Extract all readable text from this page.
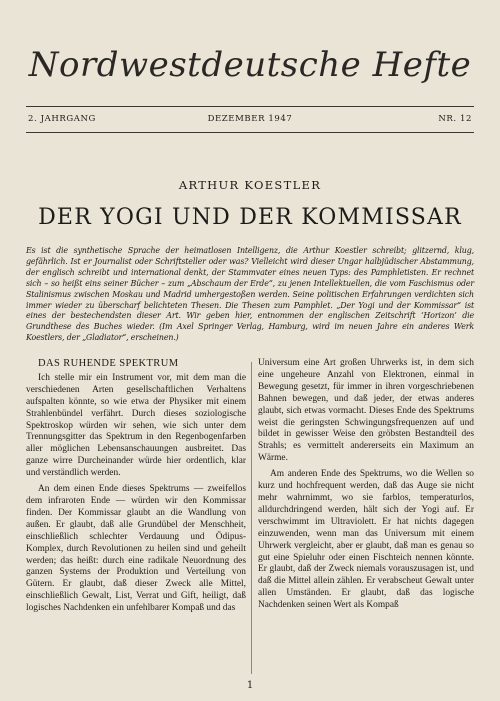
Nordwestdeutsche Hefte
2. JAHRGANG	DEZEMBER 1947	NR. 12
ARTHUR KOESTLER
DER YOGI UND DER KOMMISSAR
Es ist die synthetische Sprache der heimatlosen Intelligenz, die Arthur Koestler schreibt; glitzernd, klug, gefährlich. Ist er Journalist oder Schriftsteller oder was? Vielleicht wird dieser Ungar halbjüdischer Abstammung, der englisch schreibt und international denkt, der Stammvater eines neuen Typs: des Pamphletisten. Er rechnet sich – so heißt eins seiner Bücher – zum „Abschaum der Erde“, zu jenen Intellektuellen, die vom Faschismus oder Stalinismus zwischen Moskau und Madrid umhergestoßen werden. Seine politischen Erfahrungen verdichten sich immer wieder zu überscharf belichteten Thesen. Die Thesen zum Pamphlet. „Der Yogi und der Kommissar“ ist eines der bestechendsten dieser Art. Wir geben hier, entnommen der englischen Zeitschrift ‘Horizon’ die Grundthese des Buches wieder. (Im Axel Springer Verlag, Hamburg, wird im neuen Jahre ein anderes Werk Koestlers, der „Gladiator“, erscheinen.)
DAS RUHENDE SPEKTRUM

Ich stelle mir ein Instrument vor, mit dem man die verschiedenen Arten gesellschaftlichen Verhaltens aufspalten könnte, so wie etwa der Physiker mit einem Strahlenbündel verfährt. Durch dieses soziologische Spektroskop würden wir sehen, wie sich unter dem Trennungsgitter das Spektrum in den Regenbogenfarben aller möglichen Lebensanschauungen ausbreitet. Das ganze wirre Durcheinander würde hier ordentlich, klar und verständlich werden.

An dem einen Ende dieses Spektrums — zweifellos dem infraroten Ende — würden wir den Kommissar finden. Der Kommissar glaubt an die Wandlung von außen. Er glaubt, daß alle Grundübel der Menschheit, einschließlich schlechter Verdauung und Ödipus-Komplex, durch Revolutionen zu heilen sind und geheilt werden; das heißt: durch eine radikale Neuordnung des ganzen Systems der Produktion und Verteilung von Gütern. Er glaubt, daß dieser Zweck alle Mittel, einschließlich Gewalt, List, Verrat und Gift, heiligt, daß logisches Nachdenken ein unfehlbarer Kompaß und das

Universum eine Art großen Uhrwerks ist, in dem sich eine ungeheure Anzahl von Elektronen, einmal in Bewegung gesetzt, für immer in ihren vorgeschriebenen Bahnen bewegen, und daß jeder, der etwas anderes glaubt, sich etwas vormacht. Dieses Ende des Spektrums weist die geringsten Schwingungsfrequenzen auf und bildet in gewisser Weise den gröbsten Bestandteil des Strahls; es vermittelt andererseits ein Maximum an Wärme.

Am anderen Ende des Spektrums, wo die Wellen so kurz und hochfrequent werden, daß das Auge sie nicht mehr wahrnimmt, wo sie farblos, temperaturlos, alldurchdringend werden, hält sich der Yogi auf. Er verschwimmt im Ultraviolett. Er hat nichts dagegen einzuwenden, wenn man das Universum mit einem Uhrwerk vergleicht, aber er glaubt, daß man es genau so gut eine Spieluhr oder einen Fischteich nennen könnte. Er glaubt, daß der Zweck niemals vorauszusagen ist, und daß die Mittel allein zählen. Er verabscheut Gewalt unter allen Umständen. Er glaubt, daß das logische Nachdenken seinen Wert als Kompaß

1
